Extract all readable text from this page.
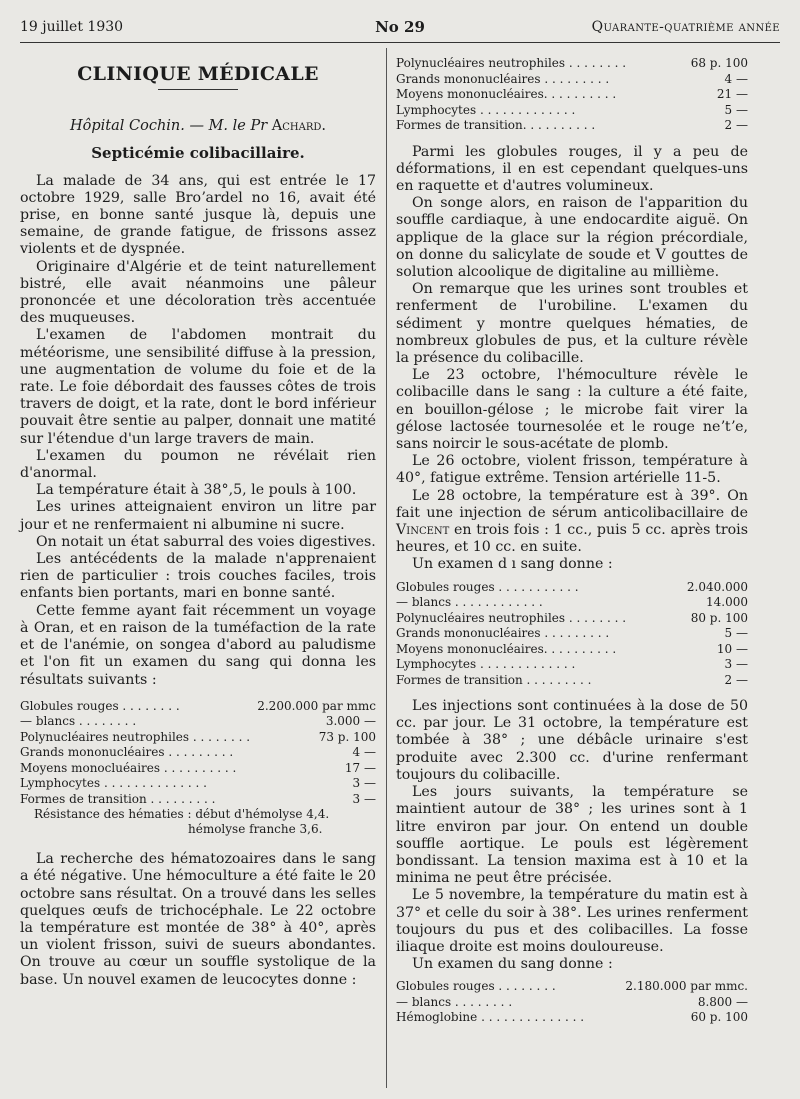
19 juillet 1930	No 29	Quarante-quatrième année
CLINIQUE MÉDICALE
Hôpital Cochin. — M. le Pr Achard.
Septicémie colibacillaire.

La malade de 34 ans, qui est entrée le 17 octobre 1929, salle Broʼardel no 16, avait été prise, en bonne santé jusque là, depuis une semaine, de grande fatigue, de frissons assez violents et de dyspnée.

Originaire d'Algérie et de teint naturellement bistré, elle avait néanmoins une pâleur prononcée et une décoloration très accentuée des muqueuses.

L'examen de l'abdomen montrait du météorisme, une sensibilité diffuse à la pression, une augmentation de volume du foie et de la rate. Le foie débordait des fausses côtes de trois travers de doigt, et la rate, dont le bord inférieur pouvait être sentie au palper, donnait une matité sur l'étendue d'un large travers de main.

L'examen du poumon ne révélait rien d'anormal.

La température était à 38°,5, le pouls à 100.

Les urines atteignaient environ un litre par jour et ne renfermaient ni albumine ni sucre.

On notait un état saburral des voies digestives.

Les antécédents de la malade n'apprenaient rien de particulier : trois couches faciles, trois enfants bien portants, mari en bonne santé.

Cette femme ayant fait récemment un voyage à Oran, et en raison de la tuméfaction de la rate et de l'anémie, on songea d'abord au paludisme et l'on fit un examen du sang qui donna les résultats suivants :

Globules rouges . . . . . . . .	2.200.000 par mmc
— blancs . . . . . . . .	3.000 —
Polynucléaires neutrophiles . . . . . . . .	73 p. 100
Grands mononucléaires . . . . . . . . .	4 —
Moyens monocluéaires . . . . . . . . . .	17 —
Lymphocytes . . . . . . . . . . . . . .	3 —
Formes de transition . . . . . . . . .	3 —
Résistance des hématies : début d'hémolyse 4,4.
hémolyse franche 3,6.

La recherche des hématozoaires dans le sang a été négative. Une hémoculture a été faite le 20 octobre sans résultat. On a trouvé dans les selles quelques œufs de trichocéphale. Le 22 octobre la température est montée de 38° à 40°, après un violent frisson, suivi de sueurs abondantes. On trouve au cœur un souffle systolique de la base. Un nouvel examen de leucocytes donne :

Polynucléaires neutrophiles . . . . . . . .	68 p. 100
Grands mononucléaires . . . . . . . . .	4 —
Moyens mononucléaires. . . . . . . . . .	21 —
Lymphocytes . . . . . . . . . . . . .	5 —
Formes de transition. . . . . . . . . .	2 —

Parmi les globules rouges, il y a peu de déformations, il en est cependant quelques-uns en raquette et d'autres volumineux.

On songe alors, en raison de l'apparition du souffle cardiaque, à une endocardite aiguë. On applique de la glace sur la région précordiale, on donne du salicylate de soude et V gouttes de solution alcoolique de digitaline au millième.

On remarque que les urines sont troubles et renferment de l'urobiline. L'examen du sédiment y montre quelques hématies, de nombreux globules de pus, et la culture révèle la présence du colibacille.

Le 23 octobre, l'hémoculture révèle le colibacille dans le sang : la culture a été faite, en bouillon-gélose ; le microbe fait virer la gélose lactosée tournesolée et le rouge neʼtʼe, sans noircir le sous-acétate de plomb.

Le 26 octobre, violent frisson, température à 40°, fatigue extrême. Tension artérielle 11-5.

Le 28 octobre, la température est à 39°. On fait une injection de sérum anticolibacillaire de Vincent en trois fois : 1 cc., puis 5 cc. après trois heures, et 10 cc. en suite.

Un examen d ı sang donne :

Globules rouges . . . . . . . . . . .	2.040.000
— blancs . . . . . . . . . . . .	14.000
Polynucléaires neutrophiles . . . . . . . .	80 p. 100
Grands mononucléaires . . . . . . . . .	5 —
Moyens mononucléaires. . . . . . . . . .	10 —
Lymphocytes . . . . . . . . . . . . .	3 —
Formes de transition . . . . . . . . .	2 —

Les injections sont continuées à la dose de 50 cc. par jour. Le 31 octobre, la température est tombée à 38° ; une débâcle urinaire s'est produite avec 2.300 cc. d'urine renfermant toujours du colibacille.

Les jours suivants, la température se maintient autour de 38° ; les urines sont à 1 litre environ par jour. On entend un double souffle aortique. Le pouls est légèrement bondissant. La tension maxima est à 10 et la minima ne peut être précisée.

Le 5 novembre, la température du matin est à 37° et celle du soir à 38°. Les urines renferment toujours du pus et des colibacilles. La fosse iliaque droite est moins douloureuse.

Un examen du sang donne :

Globules rouges . . . . . . . .	2.180.000 par mmc.
— blancs . . . . . . . .	8.800 —
Hémoglobine . . . . . . . . . . . . . .	60 p. 100
